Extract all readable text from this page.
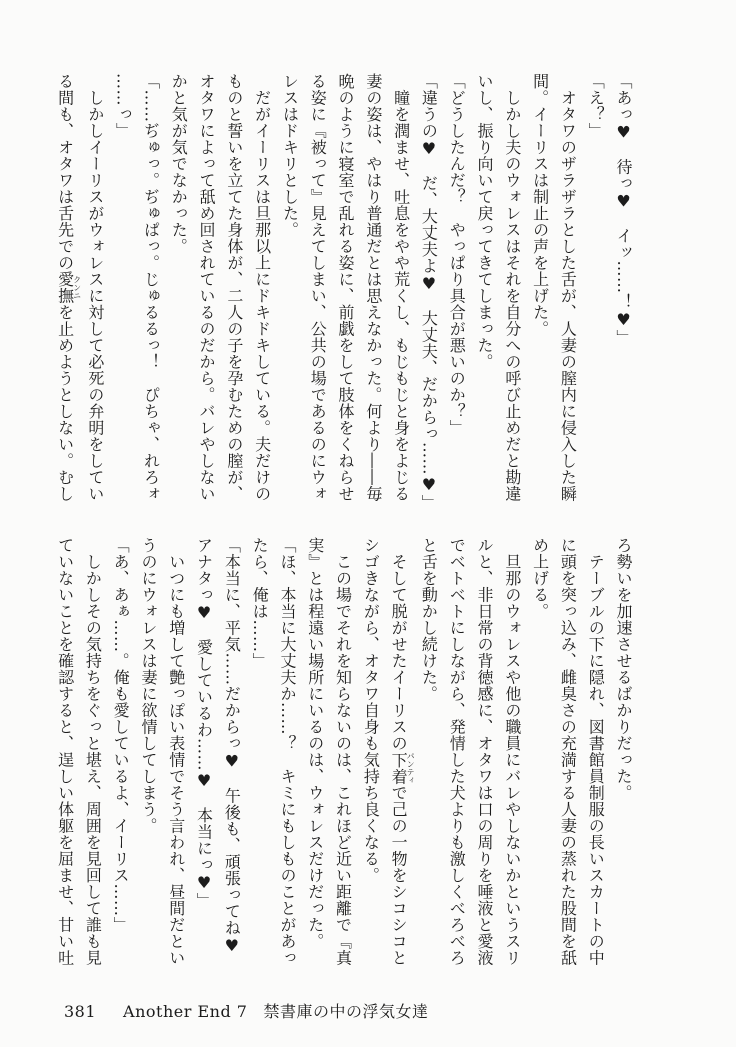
「あっ♥　待っ♥　イッ……！♥」
「え？」
　オタワのザラザラとした舌が、人妻の膣内に侵入した瞬
間。イーリスは制止の声を上げた。
　しかし夫のウォレスはそれを自分への呼び止めだと勘違
いし、振り向いて戻ってきてしまった。
「どうしたんだ？　やっぱり具合が悪いのか？」
「違うの♥　だ、大丈夫よ♥　大丈夫、だからっ……♥」
　瞳を潤ませ、吐息をやや荒くし、もじもじと身をよじる
妻の姿は、やはり普通だとは思えなかった。何より――毎
晩のように寝室で乱れる姿に、前戯をして肢体をくねらせ
る姿に『被って』見えてしまい、公共の場であるのにウォ
レスはドキリとした。
　だがイーリスは旦那以上にドキドキしている。夫だけの
ものと誓いを立てた身体が、二人の子を孕むための膣が、
オタワによって舐め回されているのだから。バレやしない
かと気が気でなかった。
「……ぢゅっ。ぢゅぱっ。じゅるるっ！　ぴちゃ、れろォ
……っ」
　しかしイーリスがウォレスに対して必死の弁明をしてい
る間も、オタワは舌先での愛撫クンニを止めようとしない。むし
ろ勢いを加速させるばかりだった。
　テーブルの下に隠れ、図書館員制服の長いスカートの中
に頭を突っ込み、雌臭さの充満する人妻の蒸れた股間を舐
め上げる。
　旦那のウォレスや他の職員にバレやしないかというスリ
ルと、非日常の背徳感に、オタワは口の周りを唾液と愛液
でベトベトにしながら、発情した犬よりも激しくべろべろ
と舌を動かし続けた。
　そして脱がせたイーリスの下着パンティで己の一物をシコシコと
シゴきながら、オタワ自身も気持ち良くなる。
　この場でそれを知らないのは、これほど近い距離で『真
実』とは程遠い場所にいるのは、ウォレスだけだった。
「ほ、本当に大丈夫か……？　キミにもしものことがあっ
たら、俺は……」
「本当に、平気……だからっ♥　午後も、頑張ってね♥
アナタっ♥　愛しているわ……♥　本当にっ♥」
　いつにも増して艶っぽい表情でそう言われ、昼間だとい
うのにウォレスは妻に欲情してしまう。
「あ、あぁ……。俺も愛しているよ、イーリス……」
　しかしその気持ちをぐっと堪え、周囲を見回して誰も見
ていないことを確認すると、逞しい体躯を屈ませ、甘い吐
381 Another End 7 禁書庫の中の浮気女達
